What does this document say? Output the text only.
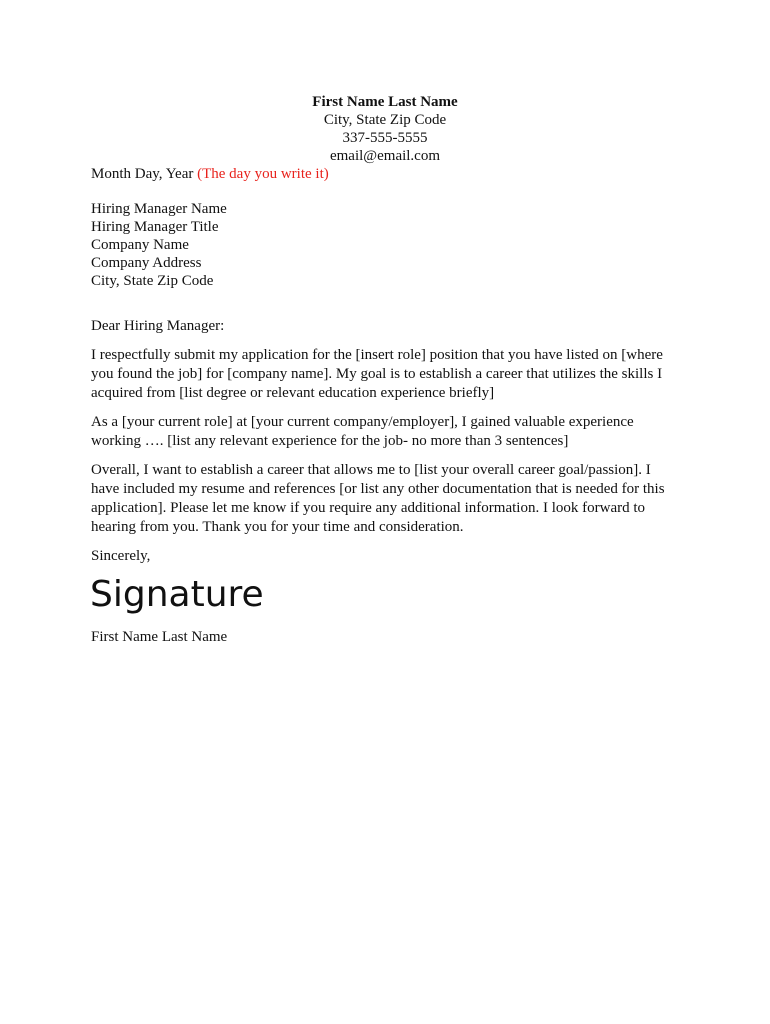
First Name Last Name
City, State Zip Code
337-555-5555
email@email.com
Month Day, Year (The day you write it)
Hiring Manager Name
Hiring Manager Title
Company Name
Company Address
City, State Zip Code
Dear Hiring Manager:
I respectfully submit my application for the [insert role] position that you have listed on [where
you found the job] for [company name]. My goal is to establish a career that utilizes the skills I
acquired from [list degree or relevant education experience briefly]
As a [your current role] at [your current company/employer], I gained valuable experience
working …. [list any relevant experience for the job- no more than 3 sentences]
Overall, I want to establish a career that allows me to [list your overall career goal/passion]. I
have included my resume and references [or list any other documentation that is needed for this
application]. Please let me know if you require any additional information. I look forward to
hearing from you. Thank you for your time and consideration.
Sincerely,
Signature
First Name Last Name
